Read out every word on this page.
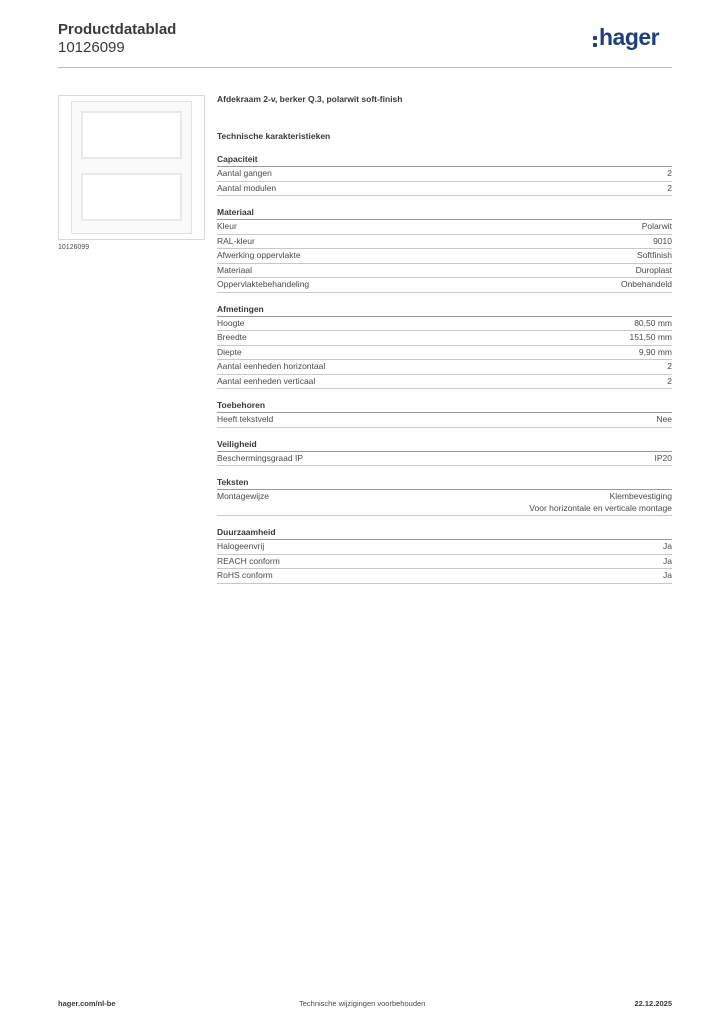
Productdatablad
10126099	hager
10126099

Afdekraam 2-v, berker Q.3, polarwit soft-finish

Technische karakteristieken
Capaciteit
Aantal gangen	2
Aantal modulen	2
Materiaal
Kleur	Polarwit
RAL-kleur	9010
Afwerking oppervlakte	Softfinish
Materiaal	Duroplast
Oppervlaktebehandeling	Onbehandeld
Afmetingen
Hoogte	80,50 mm
Breedte	151,50 mm
Diepte	9,90 mm
Aantal eenheden horizontaal	2
Aantal eenheden verticaal	2
Toebehoren
Heeft tekstveld	Nee
Veiligheid
Beschermingsgraad IP	IP20
Teksten
Montagewijze	Klembevestiging
Voor horizontale en verticale montage
Duurzaamheid
Halogeenvrij	Ja
REACH conform	Ja
RoHS conform	Ja
hager.com/nl-be	Technische wijzigingen voorbehouden	22.12.2025
